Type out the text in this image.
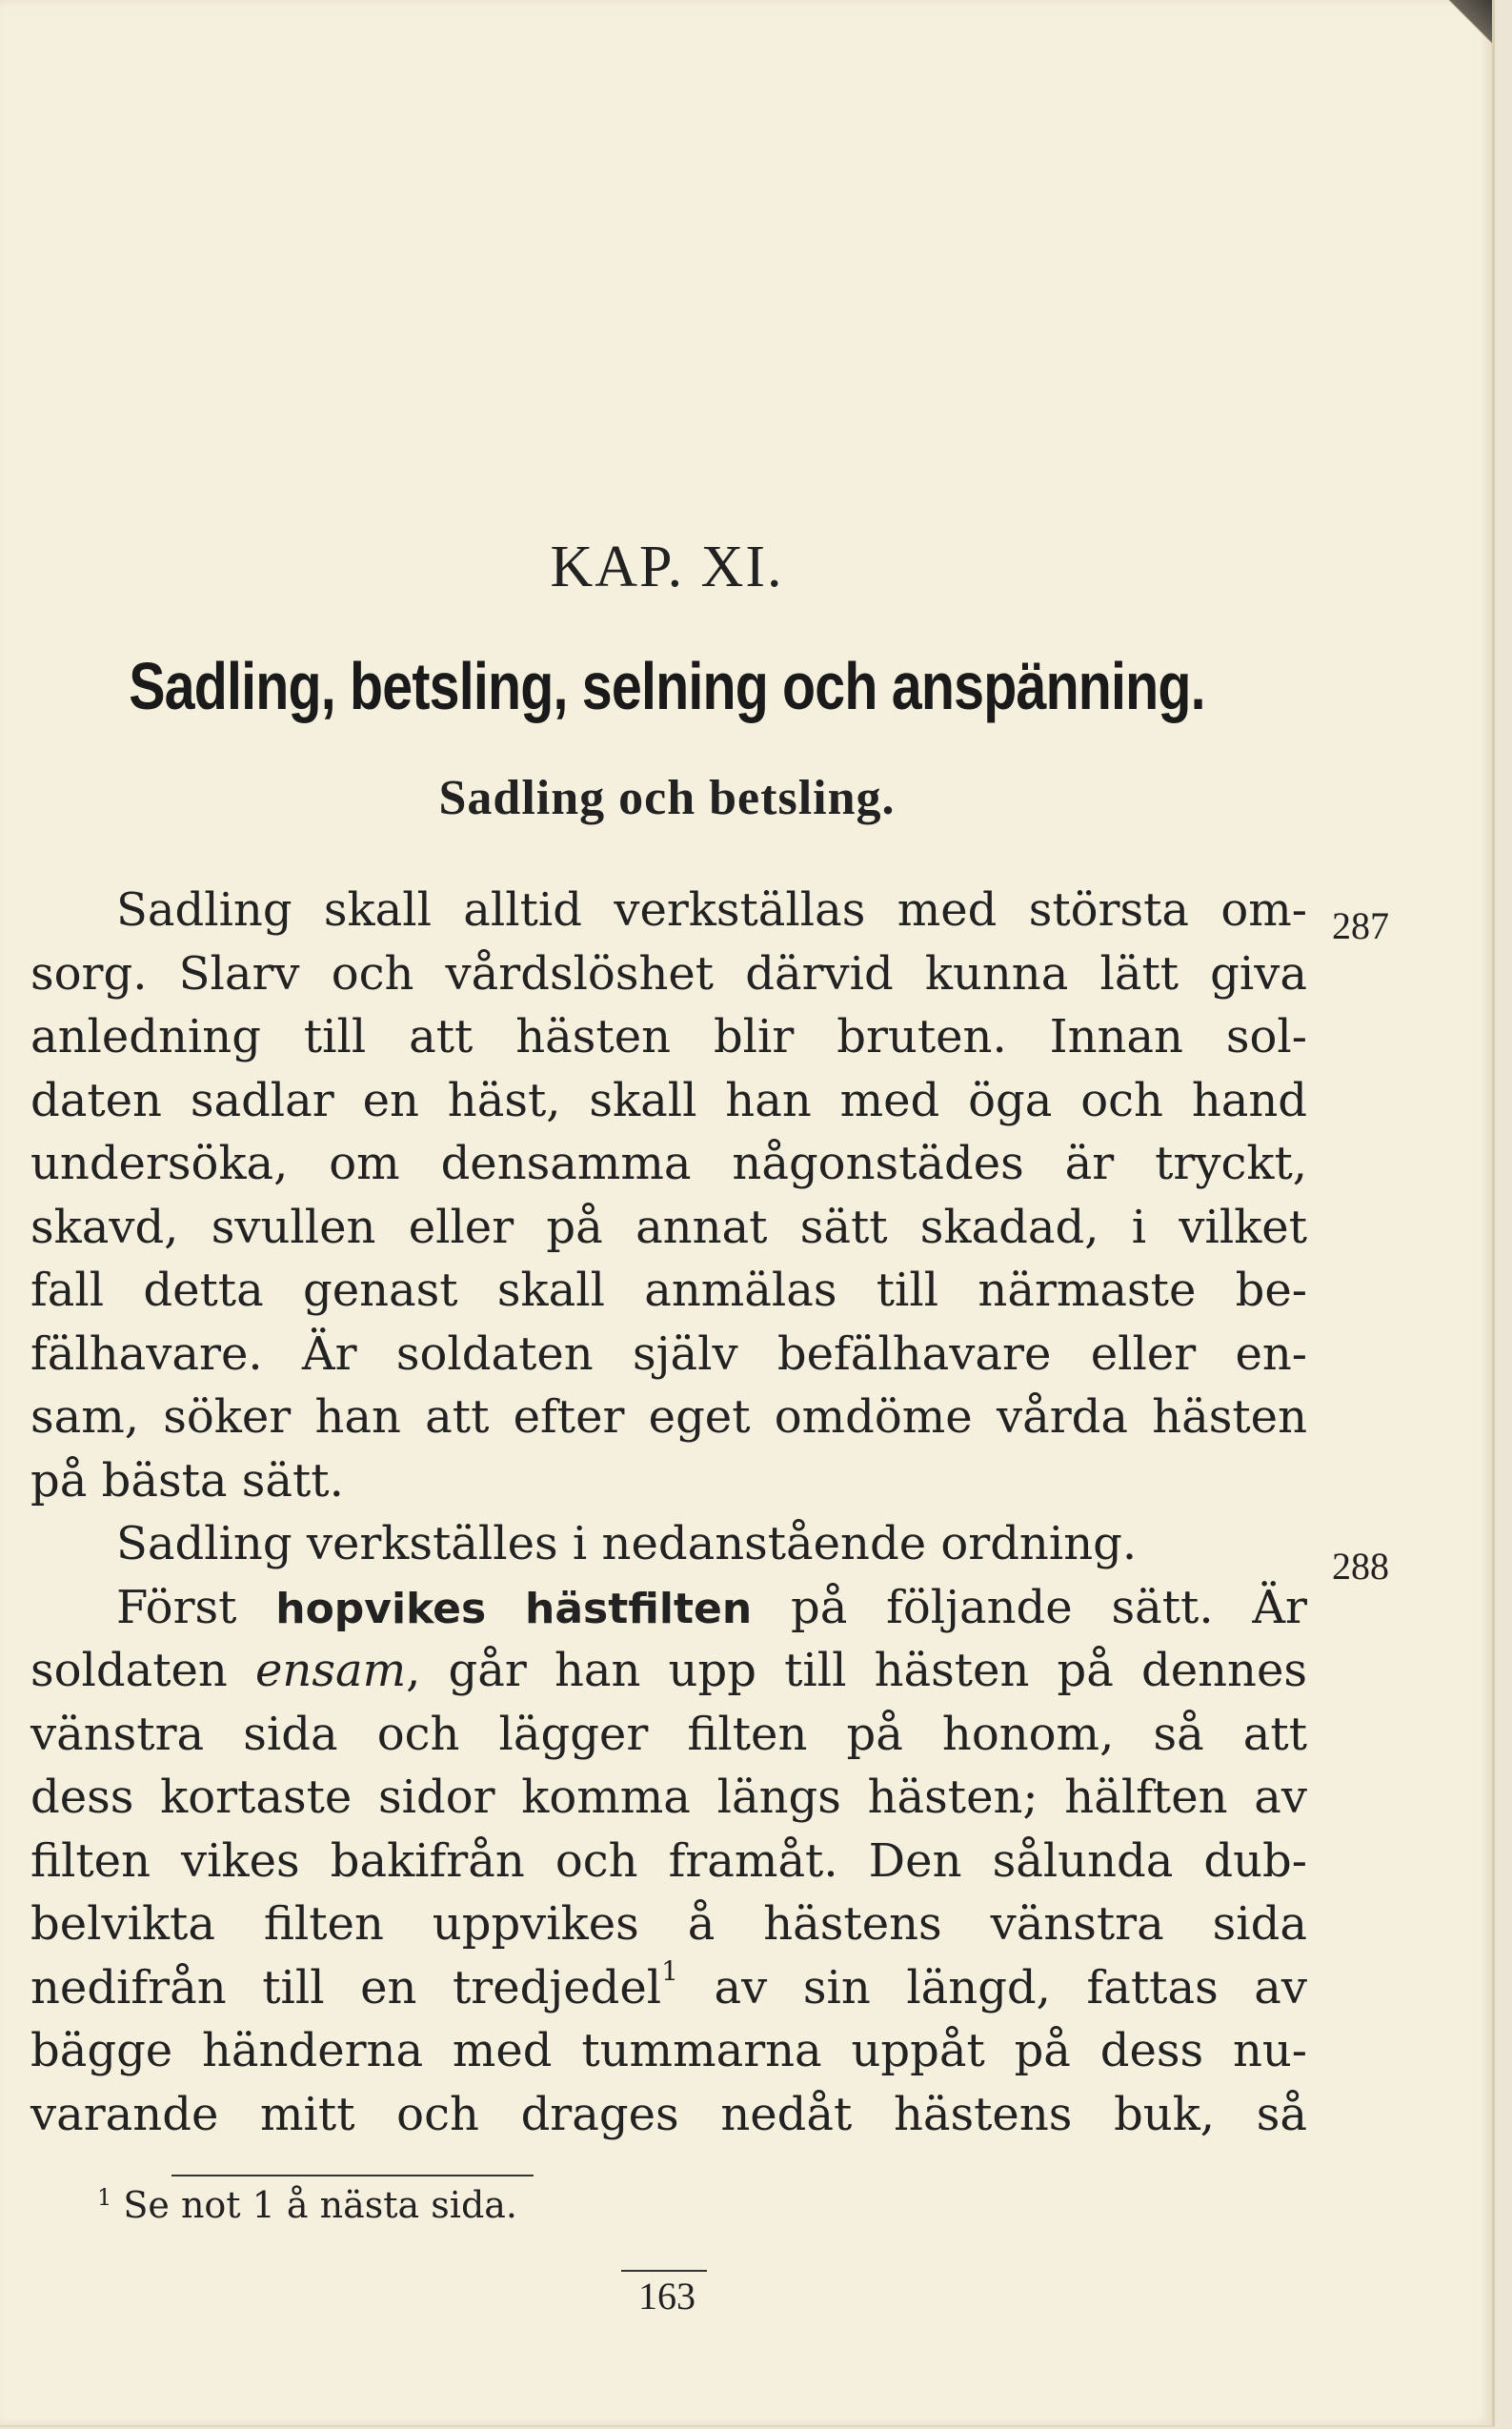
KAP. XI.
Sadling, betsling, selning och anspänning.
Sadling och betsling.
287
288
Sadling skall alltid verkställas med största om-
sorg. Slarv och vårdslöshet därvid kunna lätt giva
anledning till att hästen blir bruten. Innan sol-
daten sadlar en häst, skall han med öga och hand
undersöka, om densamma någonstädes är tryckt,
skavd, svullen eller på annat sätt skadad, i vilket
fall detta genast skall anmälas till närmaste be-
fälhavare. Är soldaten själv befälhavare eller en-
sam, söker han att efter eget omdöme vårda hästen
på bästa sätt.
Sadling verkställes i nedanstående ordning.
Först hopvikes hästfilten på följande sätt. Är
soldaten ensam, går han upp till hästen på dennes
vänstra sida och lägger filten på honom, så att
dess kortaste sidor komma längs hästen; hälften av
filten vikes bakifrån och framåt. Den sålunda dub-
belvikta filten uppvikes å hästens vänstra sida
nedifrån till en tredjedel$^1$ av sin längd, fattas av
bägge händerna med tummarna uppåt på dess nu-
varande mitt och drages nedåt hästens buk, så
$^1$ Se not 1 å nästa sida.
163
